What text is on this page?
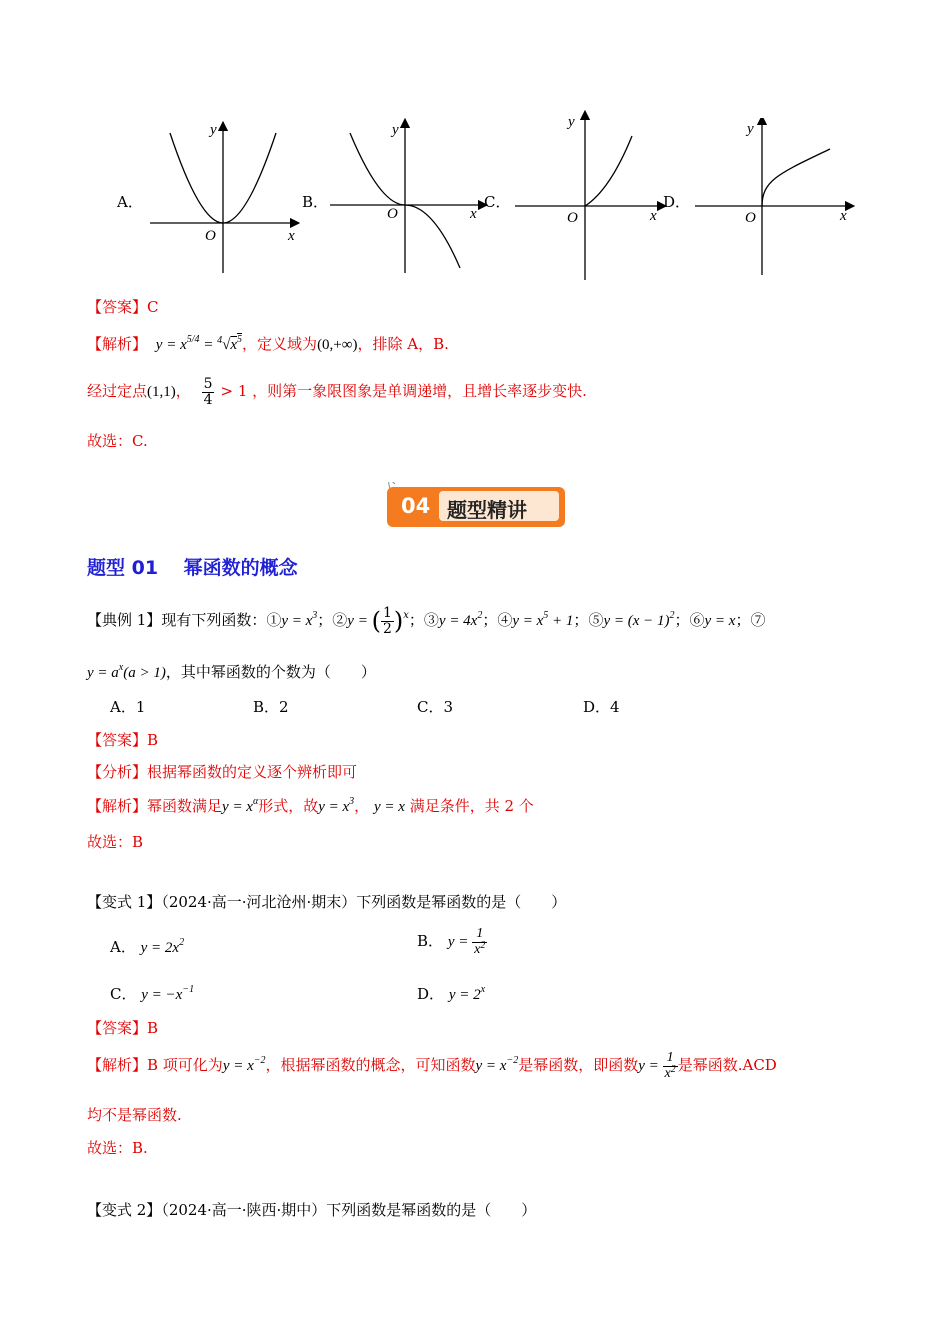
A．
y
x
O
B．
y
x
O
C．
y
x
O
D．
y
x
O
【答案】C
【解析】 $y = x^{5/4} = ^4√x^5$，定义域为(0,+∞)，排除 A，B.
经过定点(1,1)， $\frac{5}{4} > 1$ ，则第一象限图象是单调递增，且增长率逐步变快.
故选：C.
04 题型精讲
题型 01　 幂函数的概念
【典例 1】现有下列函数：①y = $x^3$；②y = ( $\frac{1}{2} )^x$；③y = $4x^2$；④y = $x^5 + 1$；⑤y = $(x - 1)^2$；⑥y = x；⑦
$y = a^x(a > 1)$，其中幂函数的个数为（　　）
A．1	B．2	C．3	D．4
【答案】B
【分析】根据幂函数的定义逐个辨析即可
【解析】幂函数满足$y = x^\alpha$形式，故$y = x^3$， y = x 满足条件，共 2 个
故选：B
【变式 1】（2024·高一·河北沧州·期末）下列函数是幂函数的是（　　）
A． $y = 2x^2$	B． $y = \frac{1}{x^2}$
C． $y = -x^{-1}$	D． $y = 2^x$
【答案】B
【解析】B 项可化为$y = x^{-2}$，根据幂函数的概念，可知函数$y = x^{-2}$是幂函数，即函数$y = \frac{1}{x^2}$ 是幂函数.ACD
均不是幂函数.
故选：B.
【变式 2】（2024·高一·陕西·期中）下列函数是幂函数的是（　　）
